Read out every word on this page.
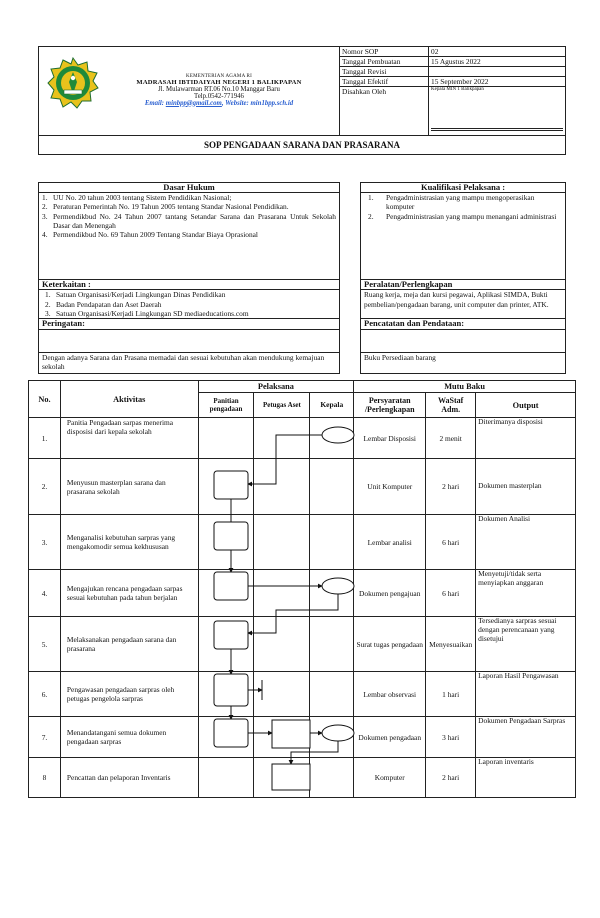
KEMENTERIAN AGAMA RI
MADRASAH IBTIDAIYAH NEGERI 1 BALIKPAPAN
Jl. Mulawarman RT.06 No.10 Manggar Baru
Telp.0542-771946
Email: minbpp@gmail.com, Website: min1bpp.sch.id	Nomor SOP	02
	Tanggal Pembuatan	15 Agustus 2022
	Tanggal Revisi	
	Tanggal Efektif	15 September 2022
	Disahkan Oleh	Kepala MIN 1 Balikpapan

SOP PENGADAAN SARANA DAN PRASARANA		
Dasar Hukum

1. UU No. 20 tahun 2003 tentang Sistem Pendidikan Nasional;
2. Peraturan Pemerintah No. 19 Tahun 2005 tentang Standar Nasional Pendidikan.
3. Permendikbud No. 24 Tahun 2007 tantang Setandar Sarana dan Prasarana Untuk Sekolah Dasar dan Menengah
4. Permendikbud No. 69 Tahun 2009 Tentang Standar Biaya Oprasional

Keterkaitan :

1. Satuan Organisasi/Kerjadi Lingkungan Dinas Pendidikan
2. Badan Pendapatan dan Aset Daerah
3. Satuan Organisasi/Kerjadi Lingkungan SD mediaeducations.com

Peringatan:

Dengan adanya Sarana dan Prasana memadai dan sesuai kebutuhan akan mendukung kemajuan sekolah
Kualifikasi Pelaksana :

1. Pengadministrasian yang mampu mengoperasikan komputer
2. Pengadministrasian yang mampu menangani administrasi

Peralatan/Perlengkapan
Ruang kerja, meja dan kursi pegawai, Aplikasi SIMDA, Bukti pembelian/pengadaan barang, unit computer dan printer, ATK.
Pencatatan dan Pendataan:

Buku Persediaan barang
No.	Aktivitas	Pelaksana			Mutu Baku		
		Panitian pengadaan	Petugas Aset	Kepala	Persyaratan /Perlengkapan	WaStaf Adm.	Output
1.	Panitia Pengadaan sarpas menerima disposisi dari kepala sekolah				Lembar Disposisi	2 menit	Diterimanya disposisi
2.	Menyusun masterplan sarana dan prasarana sekolah				Unit Komputer	2 hari	Dokumen masterplan
3.	Menganalisi kebutuhan sarpras yang mengakomodir semua kekhususan				Lembar analisi	6 hari	Dokumen Analisi
4.	Mengajukan rencana pengadaan sarpas sesuai kebutuhan pada tahun berjalan				Dokumen pengajuan	6 hari	Menyetuji/tidak serta menyiapkan anggaran
5.	Melaksanakan pengadaan sarana dan prasarana				Surat tugas pengadaan	Menyesuaikan	Tersedianya sarpras sesuai dengan perencanaan yang disetujui
6.	Pengawasan pengadaan sarpras oleh petugas pengelola sarpras				Lembar observasi	1 hari	Laporan Hasil Pengawasan
7.	Menandatangani semua dokumen pengadaan sarpras				Dokumen pengadaan	3 hari	Dokumen Pengadaan Sarpras
8	Pencattan dan pelaporan Inventaris				Komputer	2 hari	Laporan inventaris
